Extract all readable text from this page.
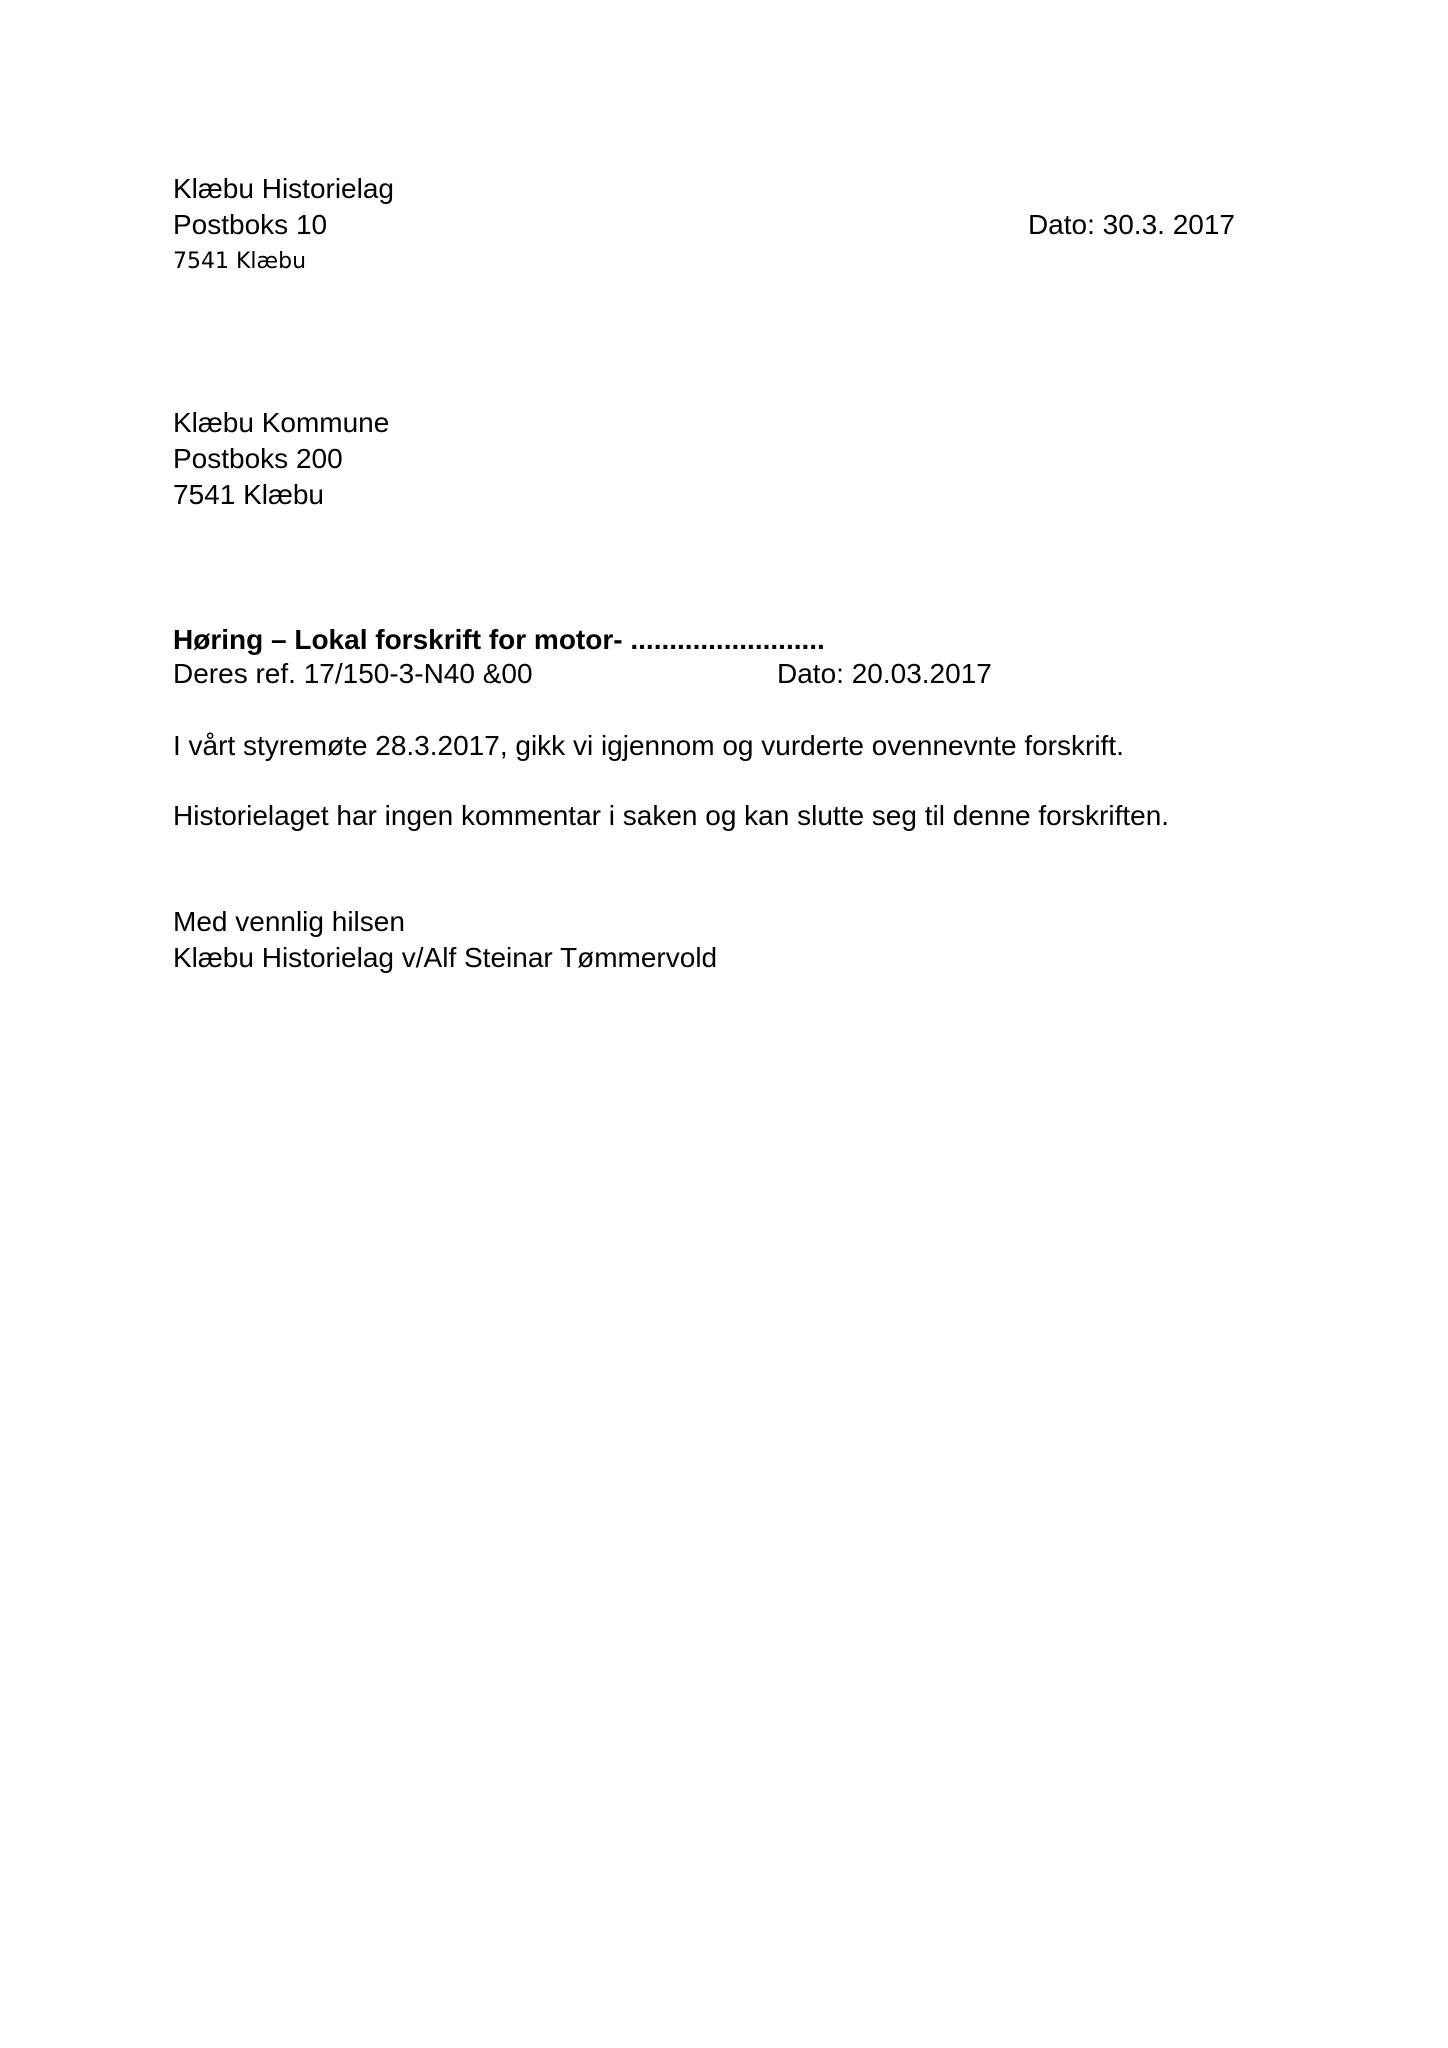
Klæbu Historielag
Postboks 10	Dato: 30.3. 2017
7541 Klæbu
Klæbu Kommune
Postboks 200
7541 Klæbu
Høring – Lokal forskrift for motor- .........................
Deres ref. 17/150-3-N40 &00	Dato: 20.03.2017
I vårt styremøte 28.3.2017, gikk vi igjennom og vurderte ovennevnte forskrift.
Historielaget har ingen kommentar i saken og kan slutte seg til denne forskriften.
Med vennlig hilsen
Klæbu Historielag v/Alf Steinar Tømmervold
